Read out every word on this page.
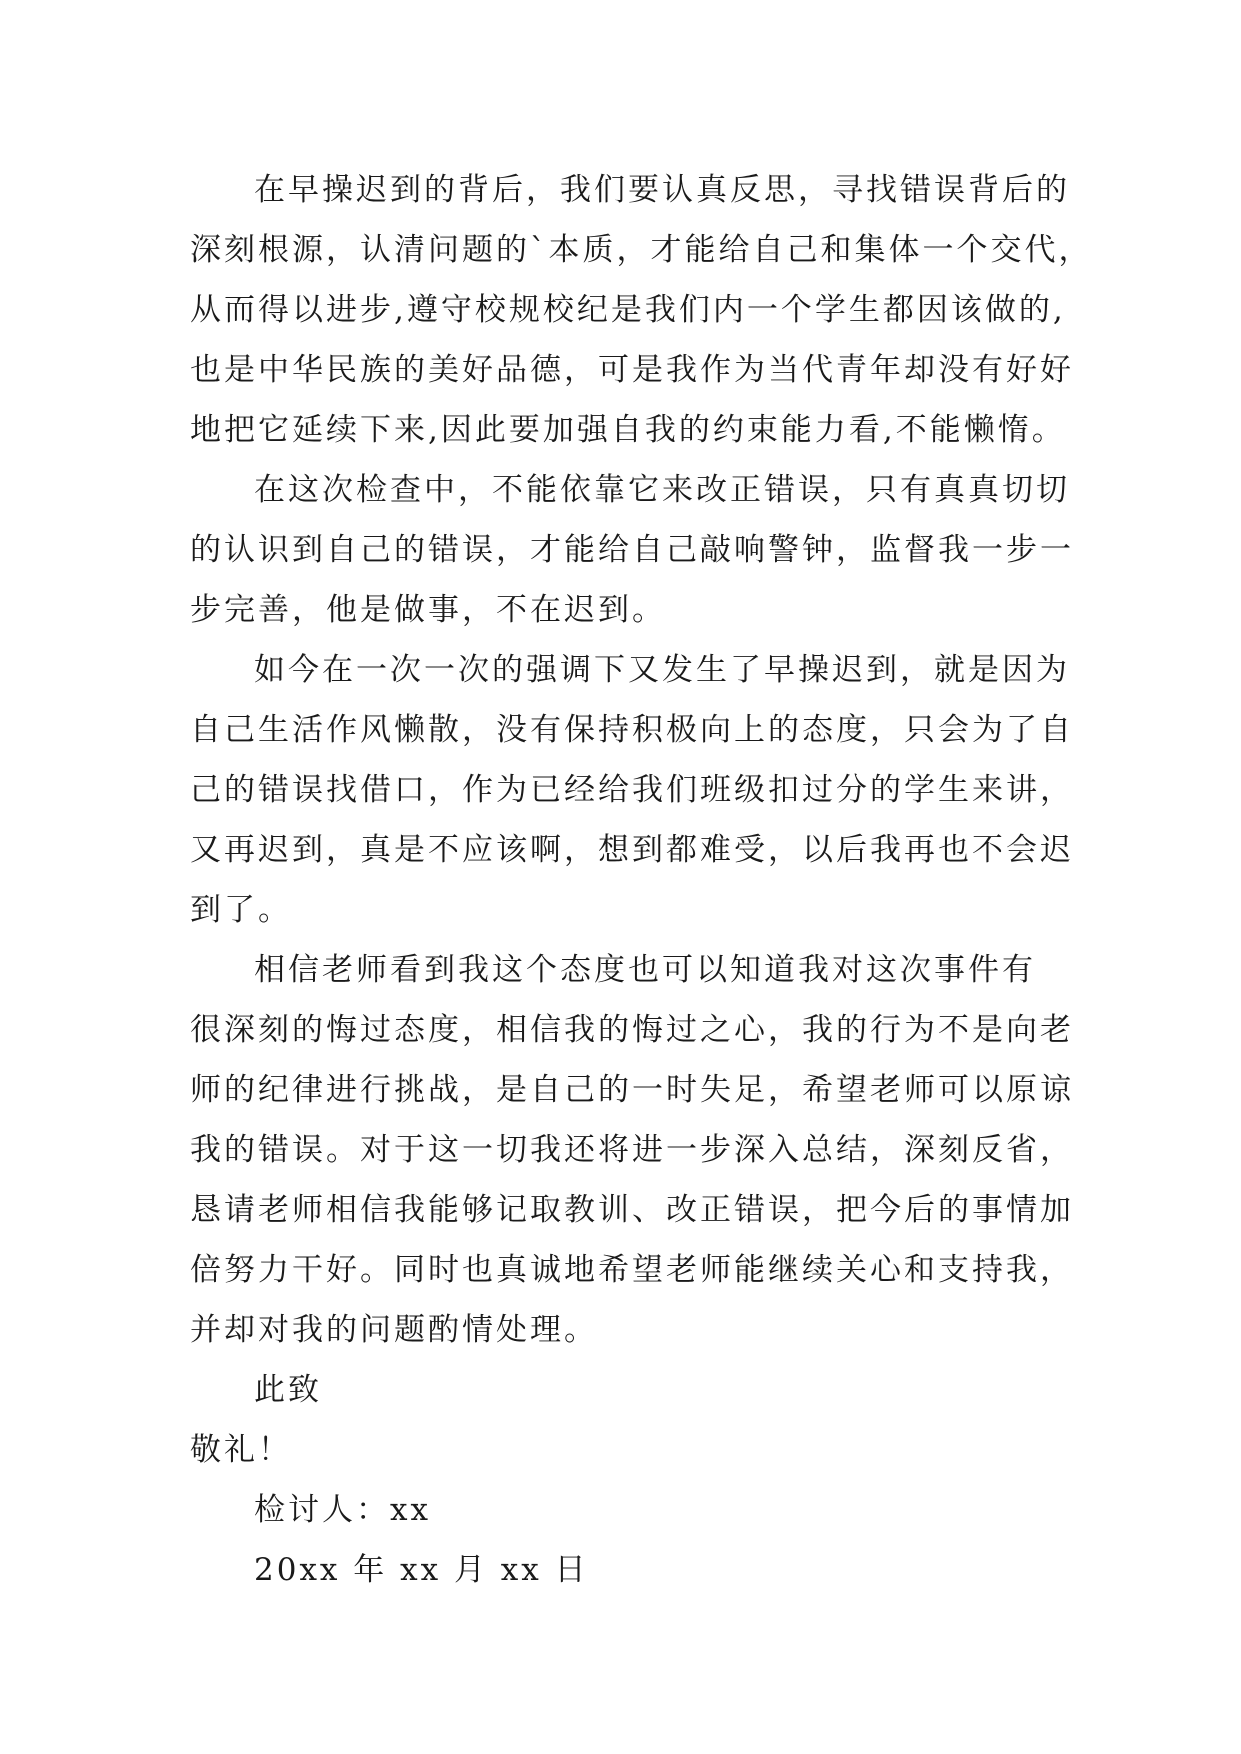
在早操迟到的背后，我们要认真反思，寻找错误背后的
深刻根源，认清问题的`本质，才能给自己和集体一个交代，
从而得以进步,遵守校规校纪是我们内一个学生都因该做的,
也是中华民族的美好品德，可是我作为当代青年却没有好好
地把它延续下来,因此要加强自我的约束能力看,不能懒惰。
在这次检查中，不能依靠它来改正错误，只有真真切切
的认识到自己的错误，才能给自己敲响警钟，监督我一步一
步完善，他是做事，不在迟到。
如今在一次一次的强调下又发生了早操迟到，就是因为
自己生活作风懒散，没有保持积极向上的态度，只会为了自
己的错误找借口，作为已经给我们班级扣过分的学生来讲，
又再迟到，真是不应该啊，想到都难受，以后我再也不会迟
到了。
相信老师看到我这个态度也可以知道我对这次事件有
很深刻的悔过态度，相信我的悔过之心，我的行为不是向老
师的纪律进行挑战，是自己的一时失足，希望老师可以原谅
我的错误。对于这一切我还将进一步深入总结，深刻反省，
恳请老师相信我能够记取教训、改正错误，把今后的事情加
倍努力干好。同时也真诚地希望老师能继续关心和支持我，
并却对我的问题酌情处理。
此致
敬礼！
检讨人：xx
20xx 年 xx 月 xx 日
